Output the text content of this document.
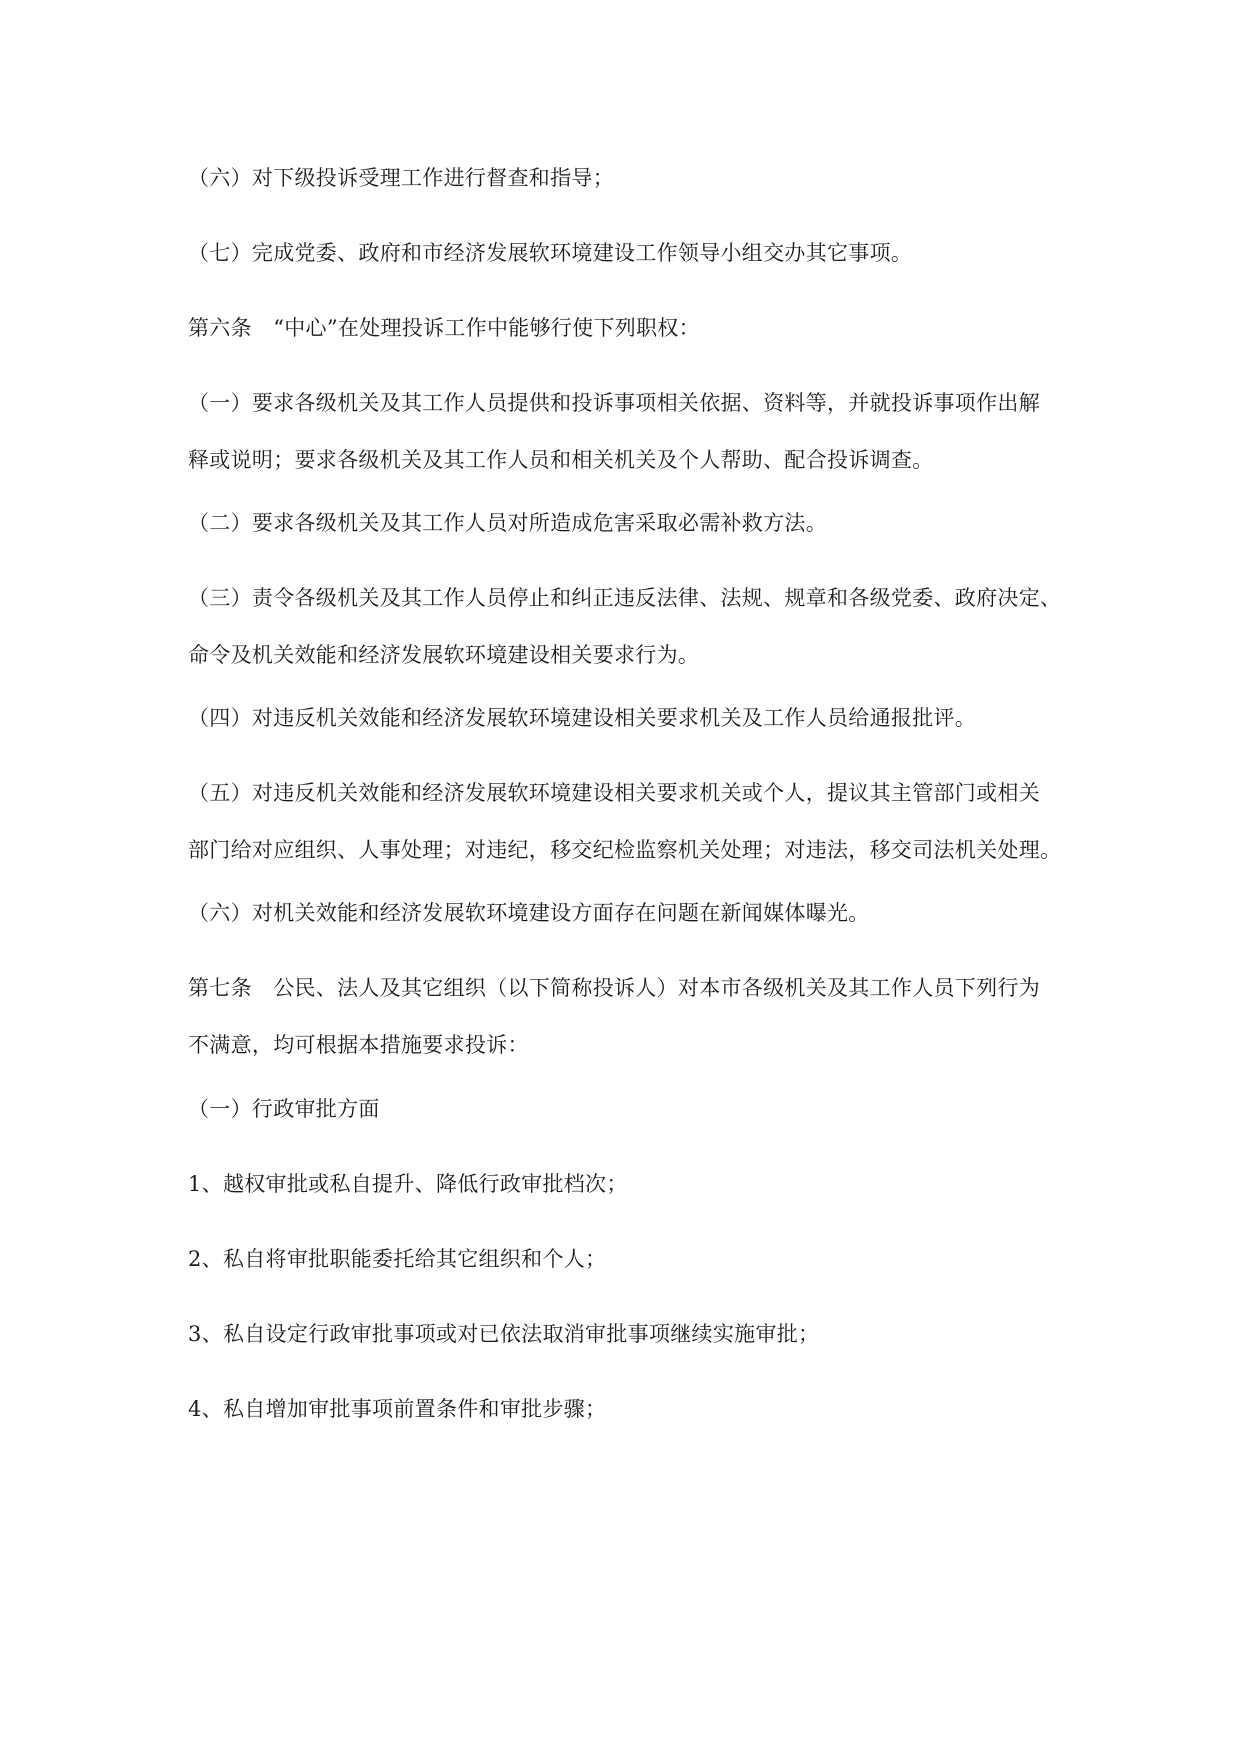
（六）对下级投诉受理工作进行督查和指导；
（七）完成党委、政府和市经济发展软环境建设工作领导小组交办其它事项。
第六条　“中心”在处理投诉工作中能够行使下列职权：
（一）要求各级机关及其工作人员提供和投诉事项相关依据、资料等，并就投诉事项作出解
释或说明；要求各级机关及其工作人员和相关机关及个人帮助、配合投诉调查。
（二）要求各级机关及其工作人员对所造成危害采取必需补救方法。
（三）责令各级机关及其工作人员停止和纠正违反法律、法规、规章和各级党委、政府决定、
命令及机关效能和经济发展软环境建设相关要求行为。
（四）对违反机关效能和经济发展软环境建设相关要求机关及工作人员给通报批评。
（五）对违反机关效能和经济发展软环境建设相关要求机关或个人，提议其主管部门或相关
部门给对应组织、人事处理；对违纪，移交纪检监察机关处理；对违法，移交司法机关处理。
（六）对机关效能和经济发展软环境建设方面存在问题在新闻媒体曝光。
第七条　公民、法人及其它组织（以下简称投诉人）对本市各级机关及其工作人员下列行为
不满意，均可根据本措施要求投诉：
（一）行政审批方面
1、越权审批或私自提升、降低行政审批档次；
2、私自将审批职能委托给其它组织和个人；
3、私自设定行政审批事项或对已依法取消审批事项继续实施审批；
4、私自增加审批事项前置条件和审批步骤；
